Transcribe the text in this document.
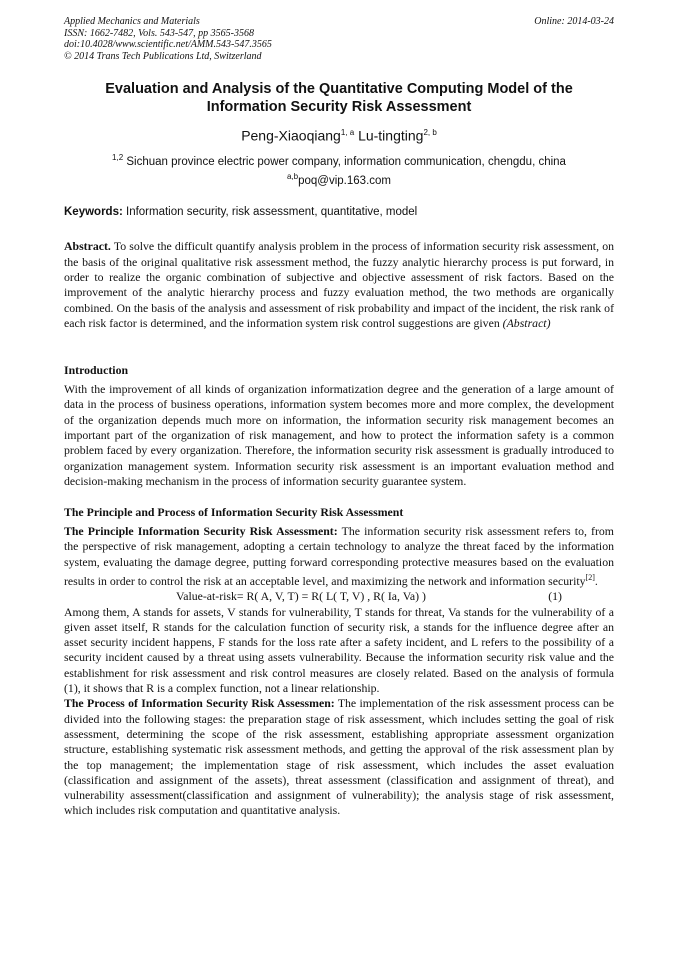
Applied Mechanics and Materials
ISSN: 1662-7482, Vols. 543-547, pp 3565-3568
doi:10.4028/www.scientific.net/AMM.543-547.3565
© 2014 Trans Tech Publications Ltd, Switzerland
Online: 2014-03-24
Evaluation and Analysis of the Quantitative Computing Model of the Information Security Risk Assessment
Peng-Xiaoqiang$^{1, a}$ Lu-tingting$^{2, b}$
$^{1,2}$ Sichuan province electric power company, information communication, chengdu, china
$^{a,b}$poq@vip.163.com
Keywords: Information security, risk assessment, quantitative, model

Abstract. To solve the difficult quantify analysis problem in the process of information security risk assessment, on the basis of the original qualitative risk assessment method, the fuzzy analytic hierarchy process is put forward, in order to realize the organic combination of subjective and objective assessment of risk factors. Based on the improvement of the analytic hierarchy process and fuzzy evaluation method, the two methods are organically combined. On the basis of the analysis and assessment of risk probability and impact of the incident, the risk rank of each risk factor is determined, and the information system risk control suggestions are given (Abstract)

Introduction

With the improvement of all kinds of organization informatization degree and the generation of a large amount of data in the process of business operations, information system becomes more and more complex, the development of the organization depends much more on information, the information security risk management becomes an important part of the organization of risk management, and how to protect the information safety is a common problem faced by every organization. Therefore, the information security risk assessment is gradually introduced to organization management system. Information security risk assessment is an important evaluation method and decision-making mechanism in the process of information security guarantee system.

The Principle and Process of Information Security Risk Assessment

The Principle Information Security Risk Assessment: The information security risk assessment refers to, from the perspective of risk management, adopting a certain technology to analyze the threat faced by the information system, evaluating the damage degree, putting forward corresponding protective measures based on the evaluation results in order to control the risk at an acceptable level, and maximizing the network and information security[2].

Value-at-risk= R( A, V, T) = R( L( T, V) , R( Ia, Va) )	(1)

Among them, A stands for assets, V stands for vulnerability, T stands for threat, Va stands for the vulnerability of a given asset itself, R stands for the calculation function of security risk, a stands for the influence degree after an asset security incident happens, F stands for the loss rate after a safety incident, and L refers to the possibility of a security incident caused by a threat using assets vulnerability. Because the information security risk value and the establishment for risk assessment and risk control measures are closely related. Based on the analysis of formula (1), it shows that R is a complex function, not a linear relationship.

The Process of Information Security Risk Assessmen: The implementation of the risk assessment process can be divided into the following stages: the preparation stage of risk assessment, which includes setting the goal of risk assessment, determining the scope of the risk assessment, establishing appropriate assessment organization structure, establishing systematic risk assessment methods, and getting the approval of the risk assessment plan by the top management; the implementation stage of risk assessment, which includes the asset evaluation (classification and assignment of the assets), threat assessment (classification and assignment of threat), and vulnerability assessment(classification and assignment of vulnerability); the analysis stage of risk assessment, which includes risk computation and quantitative analysis.
